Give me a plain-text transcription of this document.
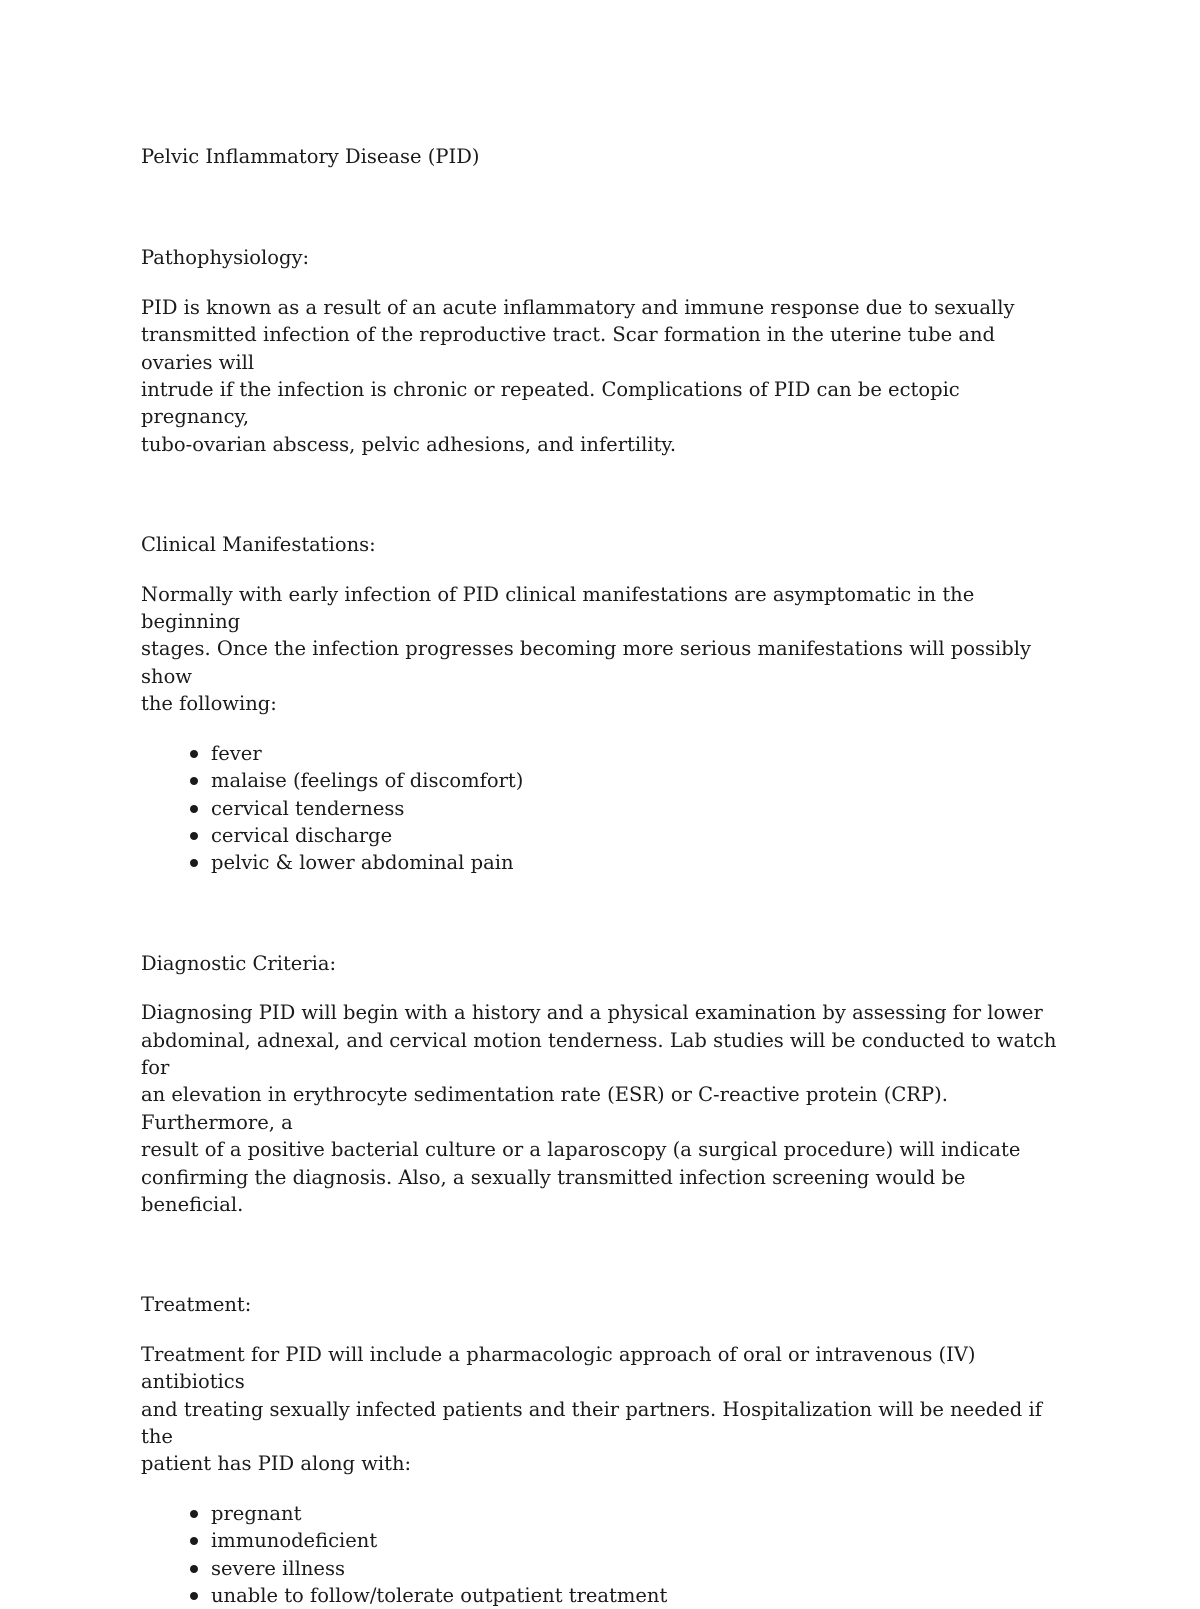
Pelvic Inflammatory Disease (PID)
Pathophysiology:
PID is known as a result of an acute inflammatory and immune response due to sexually
transmitted infection of the reproductive tract. Scar formation in the uterine tube and ovaries will
intrude if the infection is chronic or repeated. Complications of PID can be ectopic pregnancy,
tubo-ovarian abscess, pelvic adhesions, and infertility.
Clinical Manifestations:
Normally with early infection of PID clinical manifestations are asymptomatic in the beginning
stages. Once the infection progresses becoming more serious manifestations will possibly show
the following:
fever
malaise (feelings of discomfort)
cervical tenderness
cervical discharge
pelvic & lower abdominal pain
Diagnostic Criteria:
Diagnosing PID will begin with a history and a physical examination by assessing for lower
abdominal, adnexal, and cervical motion tenderness. Lab studies will be conducted to watch for
an elevation in erythrocyte sedimentation rate (ESR) or C-reactive protein (CRP). Furthermore, a
result of a positive bacterial culture or a laparoscopy (a surgical procedure) will indicate
confirming the diagnosis. Also, a sexually transmitted infection screening would be beneficial.
Treatment:
Treatment for PID will include a pharmacologic approach of oral or intravenous (IV) antibiotics
and treating sexually infected patients and their partners. Hospitalization will be needed if the
patient has PID along with:
pregnant
immunodeficient
severe illness
unable to follow/tolerate outpatient treatment
